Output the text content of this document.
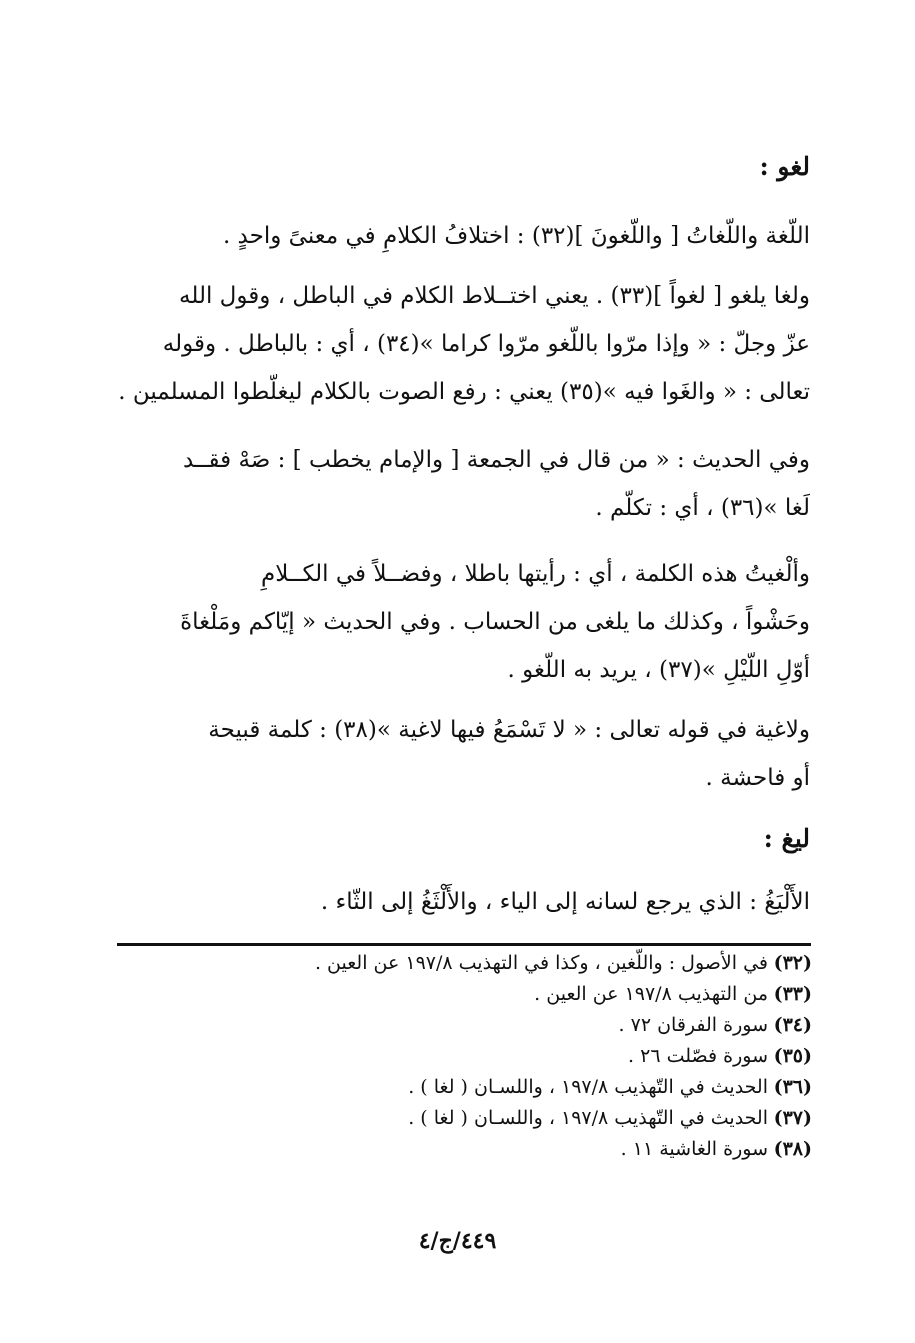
لغو :
اللّغة واللّغاتُ [ واللّغونَ ](٣٢) : اختلافُ الكلامِ في معنىً واحدٍ .
ولغا يلغو [ لغواً ](٣٣) . يعني اختــلاط الكلام في الباطل ، وقول الله
عزّ وجلّ : « وإذا مرّوا باللّغو مرّوا كراما »(٣٤) ، أي : بالباطل . وقوله
تعالى : « والغَوا فيه »(٣٥) يعني : رفع الصوت بالكلام ليغلّطوا المسلمين .
وفي الحديث : « من قال في الجمعة [ والإمام يخطب ] : صَهْ فقــد
لَغا »(٣٦) ، أي : تكلّم .
وألْغيتُ هذه الكلمة ، أي : رأيتها باطلا ، وفضــلاً في الكــلامِ
وحَشْواً ، وكذلك ما يلغى من الحساب . وفي الحديث « إيّاكم ومَلْغاةَ
أوّلِ اللّيْلِ »(٣٧) ، يريد به اللّغو .
ولاغية في قوله تعالى : « لا تَسْمَعُ فيها لاغية »(٣٨) : كلمة قبيحة
أو فاحشة .
ليغ :
الأَلْيَغُ : الذي يرجع لسانه إلى الياء ، والأَلْثَغُ إلى الثّاء .
(٣٢)في الأصول : واللّغين ، وكذا في التهذيب ١٩٧/٨ عن العين .
(٣٣)من التهذيب ١٩٧/٨ عن العين .
(٣٤)سورة الفرقان ٧٢ .
(٣٥)سورة فصّلت ٢٦ .
(٣٦)الحديث في التّهذيب ١٩٧/٨ ، واللسـان ( لغا ) .
(٣٧)الحديث في التّهذيب ١٩٧/٨ ، واللسـان ( لغا ) .
(٣٨)سورة الغاشية ١١ .
٤٤٩/ج/٤
